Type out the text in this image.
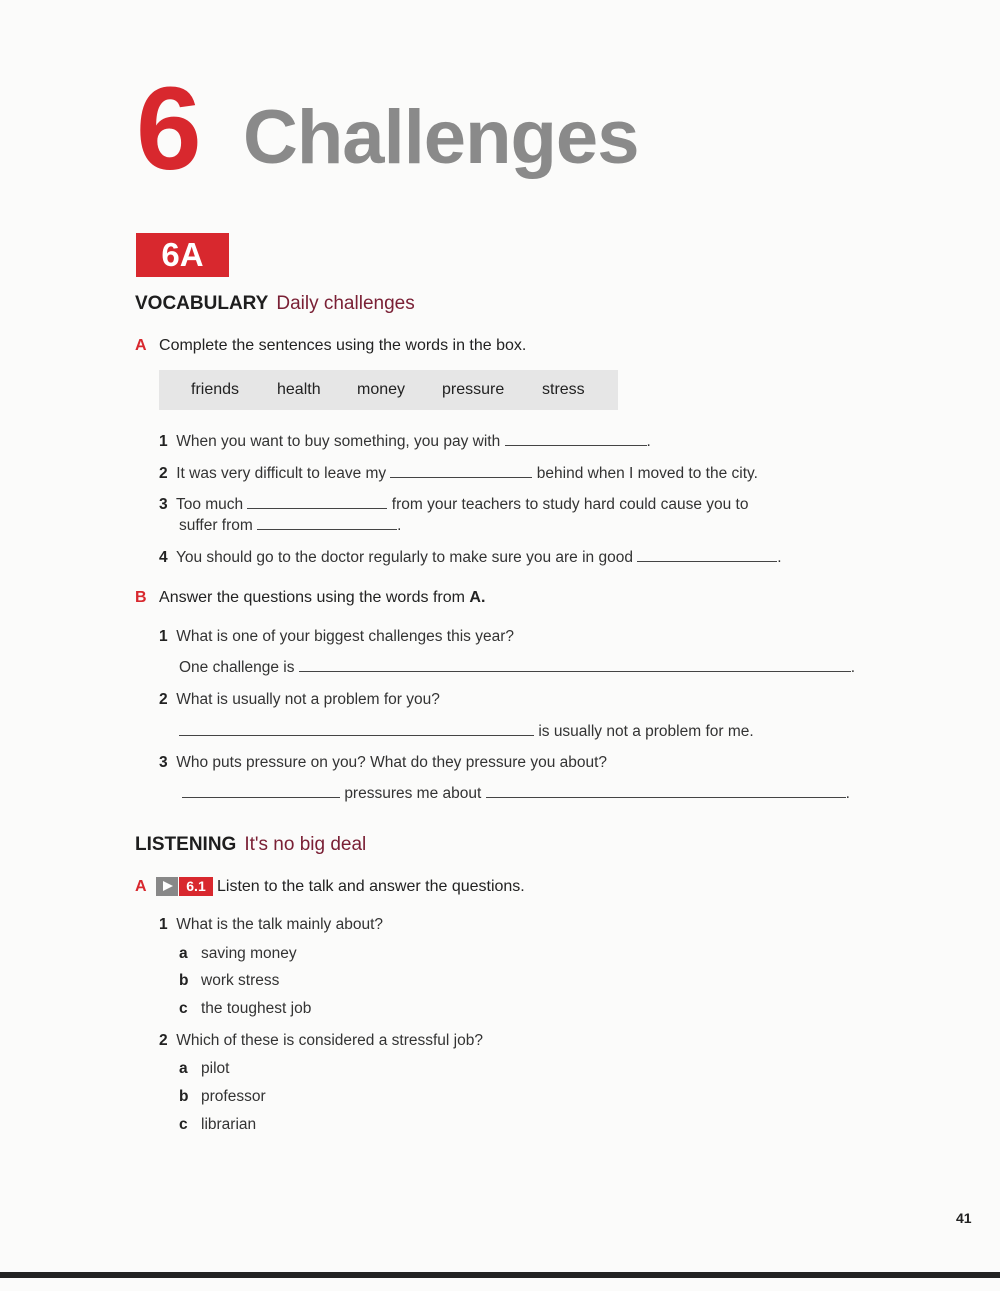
6 Challenges
6A
VOCABULARY Daily challenges
A Complete the sentences using the words in the box.
friends health money pressure stress
1 When you want to buy something, you pay with	.
2 It was very difficult to leave my	behind when I moved to the city.
3 Too much	from your teachers to study hard could cause you to
suffer from	.
4 You should go to the doctor regularly to make sure you are in good	.
B Answer the questions using the words from A.
1 What is one of your biggest challenges this year?
One challenge is	.
2 What is usually not a problem for you?
is usually not a problem for me.
3 Who puts pressure on you? What do they pressure you about?
pressures me about	.
LISTENING It's no big deal
A	6.1 Listen to the talk and answer the questions.
1 What is the talk mainly about?
a saving money
b work stress
c the toughest job
2 Which of these is considered a stressful job?
a pilot
b professor
c librarian
41
